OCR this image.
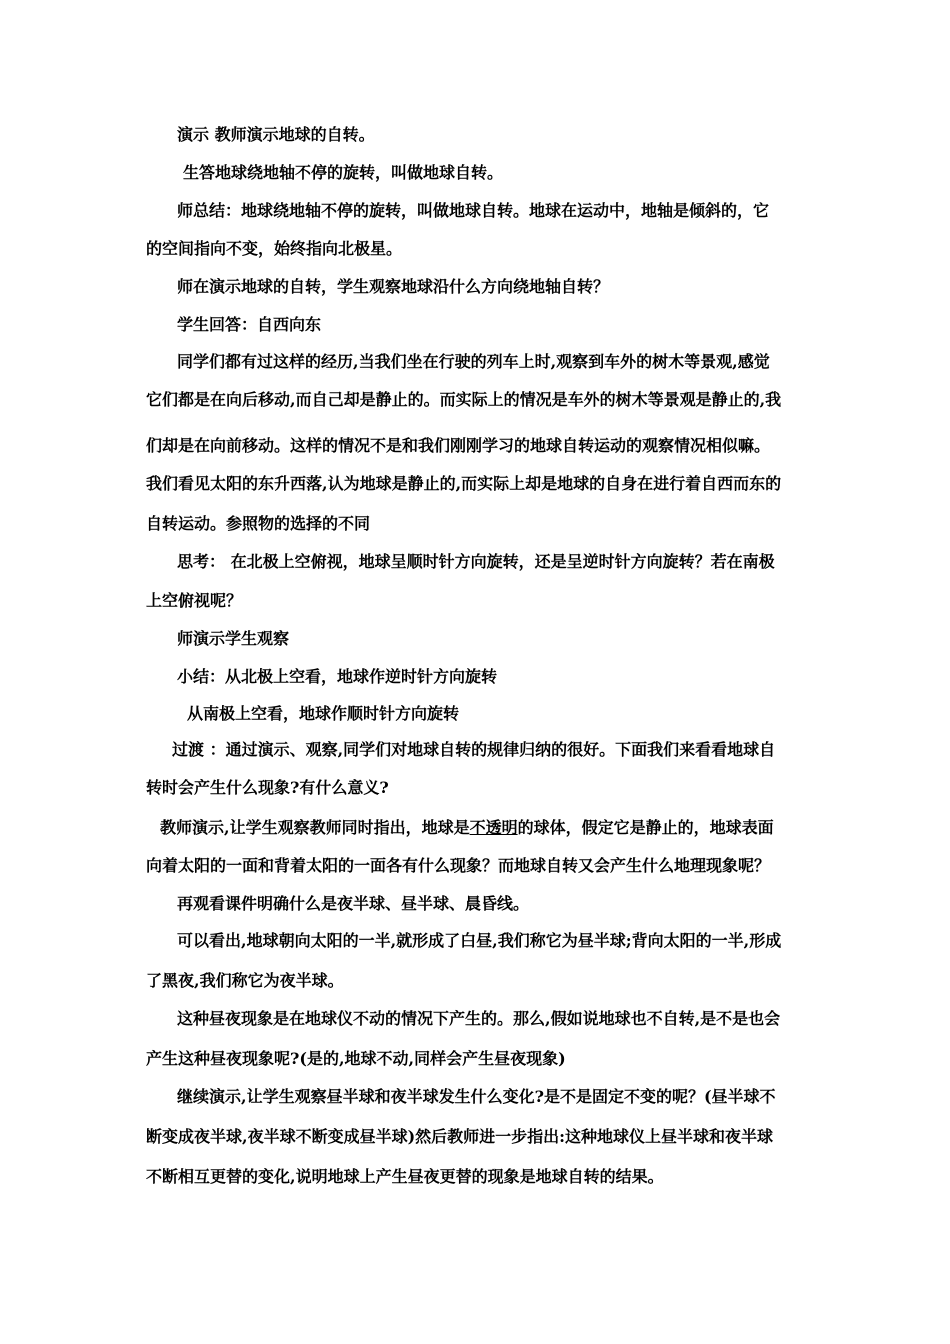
演示 教师演示地球的自转。
生答地球绕地轴不停的旋转，叫做地球自转。
师总结：地球绕地轴不停的旋转，叫做地球自转。地球在运动中，地轴是倾斜的，它
的空间指向不变，始终指向北极星。
师在演示地球的自转，学生观察地球沿什么方向绕地轴自转？
学生回答：自西向东
同学们都有过这样的经历,当我们坐在行驶的列车上时,观察到车外的树木等景观,感觉
它们都是在向后移动,而自己却是静止的。而实际上的情况是车外的树木等景观是静止的,我
们却是在向前移动。这样的情况不是和我们刚刚学习的地球自转运动的观察情况相似嘛。
我们看见太阳的东升西落,认为地球是静止的,而实际上却是地球的自身在进行着自西而东的
自转运动。参照物的选择的不同
思考： 在北极上空俯视，地球呈顺时针方向旋转，还是呈逆时针方向旋转？若在南极
上空俯视呢？
师演示学生观察
小结：从北极上空看，地球作逆时针方向旋转
从南极上空看，地球作顺时针方向旋转
过渡 ：通过演示、观察,同学们对地球自转的规律归纳的很好。下面我们来看看地球自
转时会产生什么现象?有什么意义?
教师演示,让学生观察教师同时指出，地球是不透明的球体，假定它是静止的，地球表面
向着太阳的一面和背着太阳的一面各有什么现象？而地球自转又会产生什么地理现象呢？
再观看课件明确什么是夜半球、昼半球、晨昏线。
可以看出,地球朝向太阳的一半,就形成了白昼,我们称它为昼半球;背向太阳的一半,形成
了黑夜,我们称它为夜半球。
这种昼夜现象是在地球仪不动的情况下产生的。那么,假如说地球也不自转,是不是也会
产生这种昼夜现象呢?(是的,地球不动,同样会产生昼夜现象)
继续演示,让学生观察昼半球和夜半球发生什么变化?是不是固定不变的呢？(昼半球不
断变成夜半球,夜半球不断变成昼半球)然后教师进一步指出:这种地球仪上昼半球和夜半球
不断相互更替的变化,说明地球上产生昼夜更替的现象是地球自转的结果。
